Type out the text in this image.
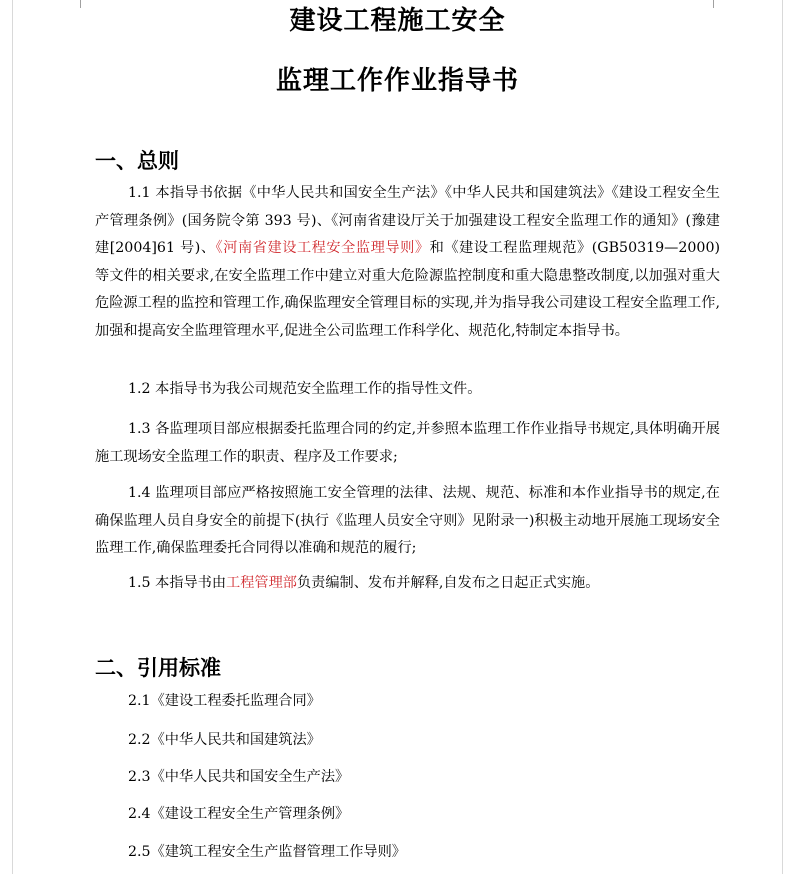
建设工程施工安全
监理工作作业指导书
一、总则
1.1 本指导书依据《中华人民共和国安全生产法》《中华人民共和国建筑法》《建设工程安全生产管理条例》(国务院令第 393 号)、《河南省建设厅关于加强建设工程安全监理工作的通知》(豫建建[2004]61 号)、《河南省建设工程安全监理导则》和《建设工程监理规范》(GB50319—2000) 等文件的相关要求,在安全监理工作中建立对重大危险源监控制度和重大隐患整改制度,以加强对重大危险源工程的监控和管理工作,确保监理安全管理目标的实现,并为指导我公司建设工程安全监理工作,加强和提高安全监理管理水平,促进全公司监理工作科学化、规范化,特制定本指导书。
1.2 本指导书为我公司规范安全监理工作的指导性文件。
1.3 各监理项目部应根据委托监理合同的约定,并参照本监理工作作业指导书规定,具体明确开展施工现场安全监理工作的职责、程序及工作要求;
1.4 监理项目部应严格按照施工安全管理的法律、法规、规范、标准和本作业指导书的规定,在确保监理人员自身安全的前提下(执行《监理人员安全守则》见附录一)积极主动地开展施工现场安全监理工作,确保监理委托合同得以准确和规范的履行;
1.5 本指导书由工程管理部负责编制、发布并解释,自发布之日起正式实施。
二、引用标准
2.1《建设工程委托监理合同》
2.2《中华人民共和国建筑法》
2.3《中华人民共和国安全生产法》
2.4《建设工程安全生产管理条例》
2.5《建筑工程安全生产监督管理工作导则》
